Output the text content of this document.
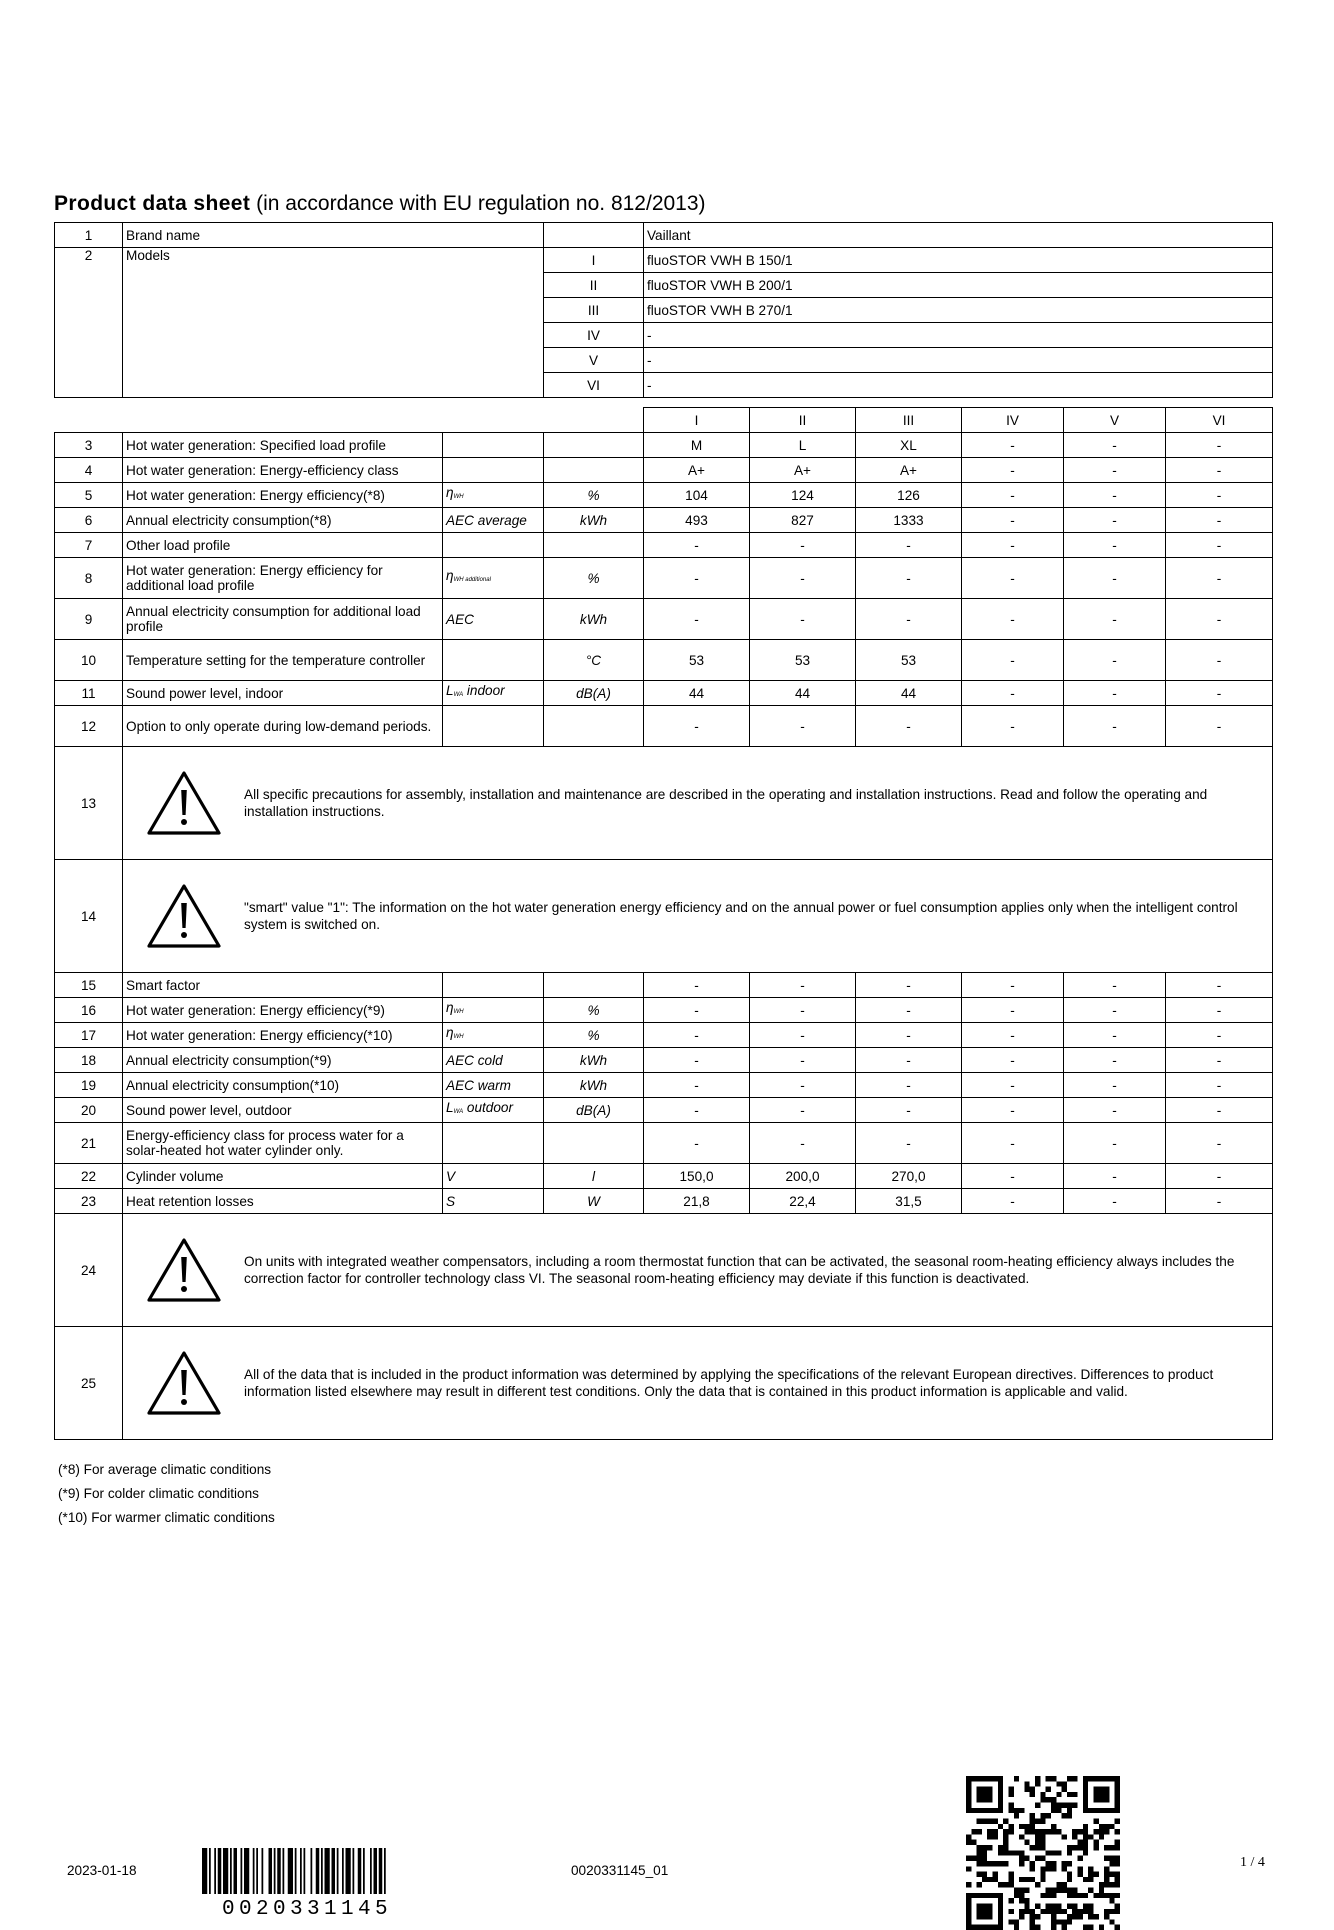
Product data sheet (in accordance with EU regulation no. 812/2013)
1	Brand name		Vaillant
2	Models	I	fluoSTOR VWH B 150/1
		II	fluoSTOR VWH B 200/1
		III	fluoSTOR VWH B 270/1
		IV	-
		V	-
		VI	-
				I	II	III	IV	V	VI
3	Hot water generation: Specified load profile			M	L	XL	-	-	-
4	Hot water generation: Energy-efficiency class			A+	A+	A+	-	-	-
5	Hot water generation: Energy efficiency(*8)	$\eta_{WH}$	%	104	124	126	-	-	-
6	Annual electricity consumption(*8)	AEC average	kWh	493	827	1333	-	-	-
7	Other load profile			-	-	-	-	-	-
8	Hot water generation: Energy efficiency for additional load profile	$\eta_{WH additional}$	%	-	-	-	-	-	-
9	Annual electricity consumption for additional load profile	AEC	kWh	-	-	-	-	-	-
10	Temperature setting for the temperature controller		°C	53	53	53	-	-	-
11	Sound power level, indoor	$L_{WA}$ indoor	dB(A)	44	44	44	-	-	-
12	Option to only operate during low-demand periods.			-	-	-	-	-	-
13	All specific precautions for assembly, installation and maintenance are described in the operating and installation instructions. Read and follow the operating and installation instructions.								

14	"smart" value "1": The information on the hot water generation energy efficiency and on the annual power or fuel consumption applies only when the intelligent control system is switched on.								

15	Smart factor			-	-	-	-	-	-
16	Hot water generation: Energy efficiency(*9)	$\eta_{WH}$	%	-	-	-	-	-	-
17	Hot water generation: Energy efficiency(*10)	$\eta_{WH}$	%	-	-	-	-	-	-
18	Annual electricity consumption(*9)	AEC cold	kWh	-	-	-	-	-	-
19	Annual electricity consumption(*10)	AEC warm	kWh	-	-	-	-	-	-
20	Sound power level, outdoor	$L_{WA}$ outdoor	dB(A)	-	-	-	-	-	-
21	Energy-efficiency class for process water for a solar-heated hot water cylinder only.			-	-	-	-	-	-
22	Cylinder volume	V	l	150,0	200,0	270,0	-	-	-
23	Heat retention losses	S	W	21,8	22,4	31,5	-	-	-
24	On units with integrated weather compensators, including a room thermostat function that can be activated, the seasonal room-heating efficiency always includes the correction factor for controller technology class VI. The seasonal room-heating efficiency may deviate if this function is deactivated.								

25	All of the data that is included in the product information was determined by applying the specifications of the relevant European directives. Differences to product information listed elsewhere may result in different test conditions. Only the data that is contained in this product information is applicable and valid.								
(*8) For average climatic conditions
(*9) For colder climatic conditions
(*10) For warmer climatic conditions
2023-01-18
0020331145
0020331145_01
1 / 4
